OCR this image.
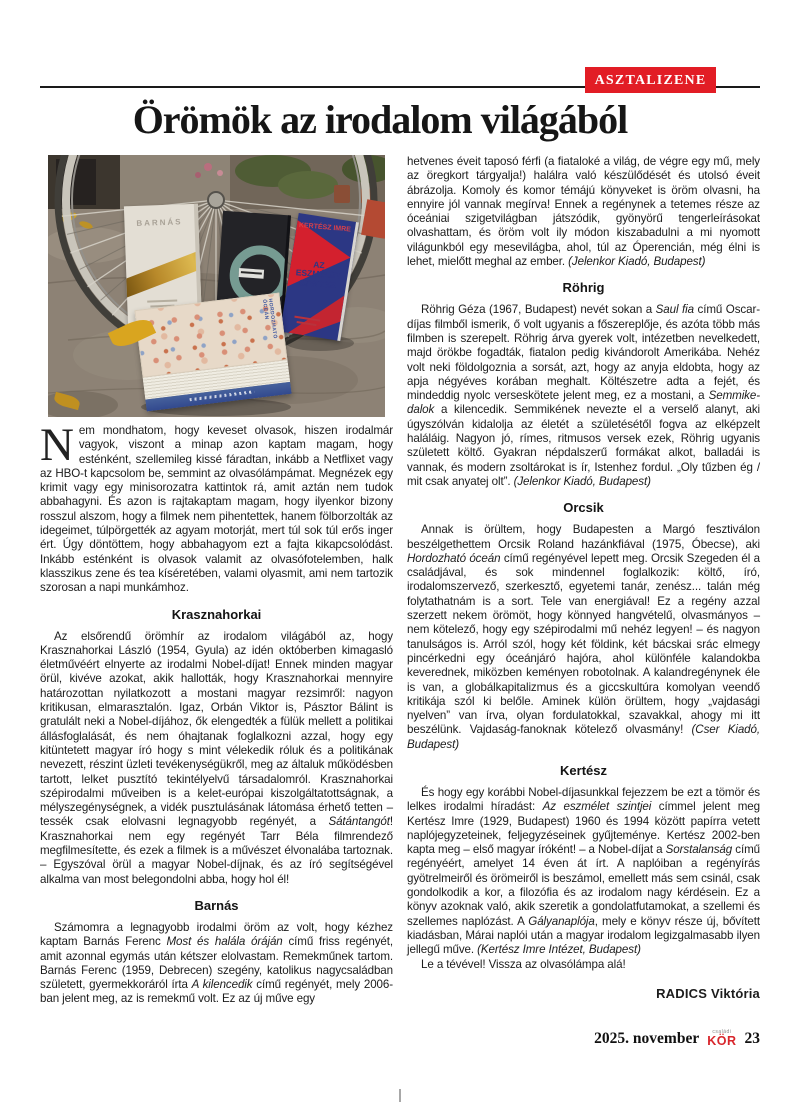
ASZTALIZENE
Örömök az irodalom világából
BARNÁS	KERTÉSZ IMRE
AZ ESZMÉLET SZINTJEI
HORDOZHATÓ ÓCEÁN

Nem mondhatom, hogy keveset olvasok, hiszen irodalmár vagyok, viszont a minap azon kaptam magam, hogy esténként, szellemileg kissé fáradtan, inkább a Netflixet vagy az HBO-t kapcsolom be, semmint az olvasólámpámat. Megnézek egy krimit vagy egy minisorozatra kattintok rá, amit aztán nem tudok abbahagyni. És azon is rajtakaptam magam, hogy ilyenkor bizony rosszul alszom, hogy a filmek nem pihentettek, hanem fölborzolták az idegeimet, túlpörgették az agyam motorját, mert túl sok túl erős inger ért. Úgy döntöttem, hogy abbahagyom ezt a fajta kikapcsolódást. Inkább esténként is olvasok valamit az olvasófotelemben, halk klasszikus zene és tea kíséretében, valami olyasmit, ami nem tartozik szorosan a napi munkámhoz.

Krasznahorkai

Az elsőrendű örömhír az irodalom világából az, hogy Krasznahorkai László (1954, Gyula) az idén októberben kimagasló életművéért elnyerte az irodalmi Nobel-díjat! Ennek minden magyar örül, kivéve azokat, akik hallották, hogy Krasznahorkai mennyire határozottan nyilatkozott a mostani magyar rezsimről: nagyon kritikusan, elmarasztalón. Igaz, Orbán Viktor is, Pásztor Bálint is gratulált neki a Nobel-díjához, ők elengedték a fülük mellett a politikai állásfoglalását, és nem óhajtanak foglalkozni azzal, hogy egy kitüntetett magyar író hogy s mint vélekedik róluk és a politikának nevezett, részint üzleti tevékenységükről, meg az általuk működésben tartott, lelket pusztító tekintélyelvű társadalomról. Krasznahorkai szépirodalmi műveiben is a kelet-európai kiszolgáltatottságnak, a mélyszegénységnek, a vidék pusztulásának látomása érhető tetten – tessék csak elolvasni legnagyobb regényét, a Sátántangót! Krasznahorkai nem egy regényét Tarr Béla filmrendező megfilmesítette, és ezek a filmek is a művészet élvonalába tartoznak. – Egyszóval örül a magyar Nobel-díjnak, és az író segítségével alkalma van most belegondolni abba, hogy hol él!

Barnás

Számomra a legnagyobb irodalmi öröm az volt, hogy kézhez kaptam Barnás Ferenc Most és halála óráján című friss regényét, amit azonnal egymás után kétszer elolvastam. Remekműnek tartom. Barnás Ferenc (1959, Debrecen) szegény, katolikus nagycsaládban született, gyermekkoráról írta A kilencedik című regényét, mely 2006-ban jelent meg, az is remekmű volt. Ez az új műve egy

hetvenes éveit taposó férfi (a fiataloké a világ, de végre egy mű, mely az öregkort tárgyalja!) halálra való készülődését és utolsó éveit ábrázolja. Komoly és komor témájú könyveket is öröm olvasni, ha ennyire jól vannak megírva! Ennek a regénynek a tetemes része az óceániai szigetvilágban játszódik, gyönyörű tengerleírásokat olvashattam, és öröm volt ily módon kiszabadulni a mi nyomott világunkból egy mesevilágba, ahol, túl az Óperencián, még élni is lehet, mielőtt meghal az ember. (Jelenkor Kiadó, Budapest)

Röhrig

Röhrig Géza (1967, Budapest) nevét sokan a Saul fia című Oscar-díjas filmből ismerik, ő volt ugyanis a főszereplője, és azóta több más filmben is szerepelt. Röhrig árva gyerek volt, intézetben nevelkedett, majd örökbe fogadták, fiatalon pedig kivándorolt Amerikába. Nehéz volt neki földolgoznia a sorsát, azt, hogy az anyja eldobta, hogy az apja négyéves korában meghalt. Költészetre adta a fejét, és mindeddig nyolc verseskötete jelent meg, ez a mostani, a Semmike-dalok a kilencedik. Semmikének nevezte el a verselő alanyt, aki úgyszólván kidalolja az életét a születésétől fogva az elképzelt haláláig. Nagyon jó, rímes, ritmusos versek ezek, Röhrig ugyanis született költő. Gyakran népdalszerű formákat alkot, balladái is vannak, és modern zsoltárokat is ír, Istenhez fordul. „Oly tűzben ég / mit csak anyatej olt”. (Jelenkor Kiadó, Budapest)

Orcsik

Annak is örültem, hogy Budapesten a Margó fesztiválon beszélgethettem Orcsik Roland hazánkfiával (1975, Óbecse), aki Hordozható óceán című regényével lepett meg. Orcsik Szegeden él a családjával, és sok mindennel foglalkozik: költő, író, irodalomszervező, szerkesztő, egyetemi tanár, zenész... talán még folytathatnám is a sort. Tele van energiával! Ez a regény azzal szerzett nekem örömöt, hogy könnyed hangvételű, olvasmányos – nem kötelező, hogy egy szépirodalmi mű nehéz legyen! – és nagyon tanulságos is. Arról szól, hogy két földink, két bácskai srác elmegy pincérkedni egy óceánjáró hajóra, ahol különféle kalandokba keverednek, miközben keményen robotolnak. A kalandregénynek éle is van, a globálkapitalizmus és a giccskultúra komolyan veendő kritikája szól ki belőle. Aminek külön örültem, hogy „vajdasági nyelven” van írva, olyan fordulatokkal, szavakkal, ahogy mi itt beszélünk. Vajdaság-fanoknak kötelező olvasmány! (Cser Kiadó, Budapest)

Kertész

És hogy egy korábbi Nobel-díjasunkkal fejezzem be ezt a tömör és lelkes irodalmi híradást: Az eszmélet szintjei címmel jelent meg Kertész Imre (1929, Budapest) 1960 és 1994 között papírra vetett naplójegyzeteinek, feljegyzéseinek gyűjteménye. Kertész 2002-ben kapta meg – első magyar íróként! – a Nobel-díjat a Sorstalanság című regényéért, amelyet 14 éven át írt. A naplóiban a regényírás gyötrelmeiről és örömeiről is beszámol, emellett más sem csinál, csak gondolkodik a kor, a filozófia és az irodalom nagy kérdésein. Ez a könyv azoknak való, akik szeretik a gondolatfutamokat, a szellemi és szellemes naplózást. A Gályanaplója, mely e könyv része új, bővített kiadásban, Márai naplói után a magyar irodalom legizgalmasabb ilyen jellegű műve. (Kertész Imre Intézet, Budapest)

Le a tévével! Vissza az olvasólámpa alá!

RADICS Viktória
2025. november	családi
KÖR 23
